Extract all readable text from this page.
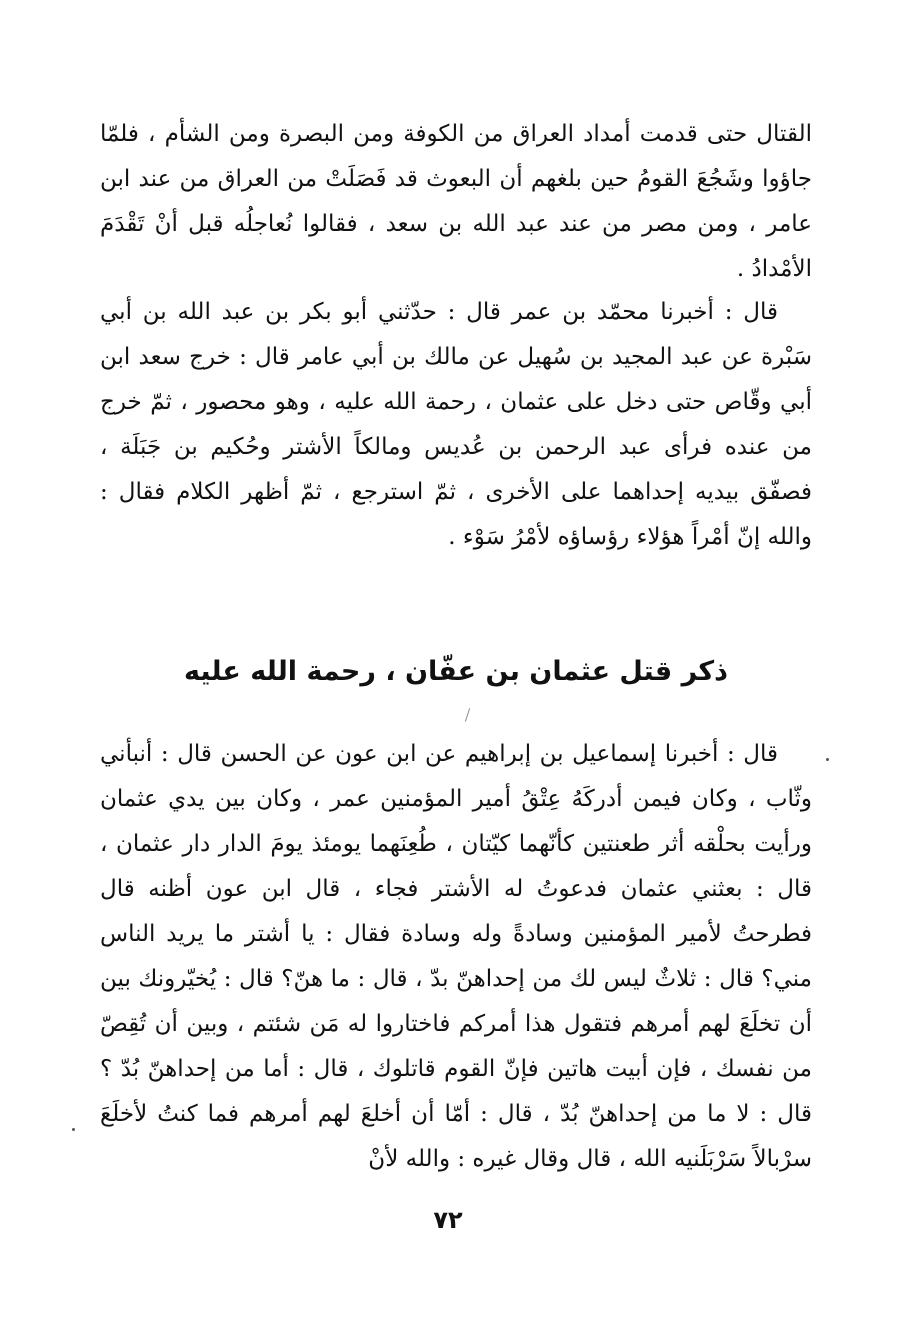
القتال حتى قدمت أمداد العراق من الكوفة ومن البصرة ومن الشأم ، فلمّا جاؤوا وشَجُعَ القومُ حين بلغهم أن البعوث قد فَصَلَتْ من العراق من عند ابن عامر ، ومن مصر من عند عبد الله بن سعد ، فقالوا نُعاجلُه قبل أنْ تَقْدَمَ الأمْدادُ .

قال : أخبرنا محمّد بن عمر قال : حدّثني أبو بكر بن عبد الله بن أبي سَبْرة عن عبد المجيد بن سُهيل عن مالك بن أبي عامر قال : خرج سعد ابن أبي وقّاص حتى دخل على عثمان ، رحمة الله عليه ، وهو محصور ، ثمّ خرج من عنده فرأى عبد الرحمن بن عُديس ومالكاً الأشتر وحُكيم بن جَبَلَة ، فصفّق بيديه إحداهما على الأخرى ، ثمّ استرجع ، ثمّ أظهر الكلام فقال : والله إنّ أمْراً هؤلاء رؤساؤه لأمْرُ سَوْء .

ذكر قتل عثمان بن عفّان ، رحمة الله عليه

قال : أخبرنا إسماعيل بن إبراهيم عن ابن عون عن الحسن قال : أنبأني وثّاب ، وكان فيمن أدركَهُ عِتْقُ أمير المؤمنين عمر ، وكان بين يدي عثمان ورأيت بحلْقه أثر طعنتين كأنّهما كيّتان ، طُعِنَهما يومئذ يومَ الدار دار عثمان ، قال : بعثني عثمان فدعوتُ له الأشتر فجاء ، قال ابن عون أظنه قال فطرحتُ لأمير المؤمنين وسادةً وله وسادة فقال : يا أشتر ما يريد الناس مني؟ قال : ثلاثٌ ليس لك من إحداهنّ بدّ ، قال : ما هنّ؟ قال : يُخيّرونك بين أن تخلَعَ لهم أمرهم فتقول هذا أمركم فاختاروا له مَن شئتم ، وبين أن تُقِصّ من نفسك ، فإن أبيت هاتين فإنّ القوم قاتلوك ، قال : أما من إحداهنّ بُدّ ؟ قال : لا ما من إحداهنّ بُدّ ، قال : أمّا أن أخلعَ لهم أمرهم فما كنتُ لأخلَعَ سرْبالاً سَرْبَلَنيه الله ، قال وقال غيره : والله لأنْ

٧٢
